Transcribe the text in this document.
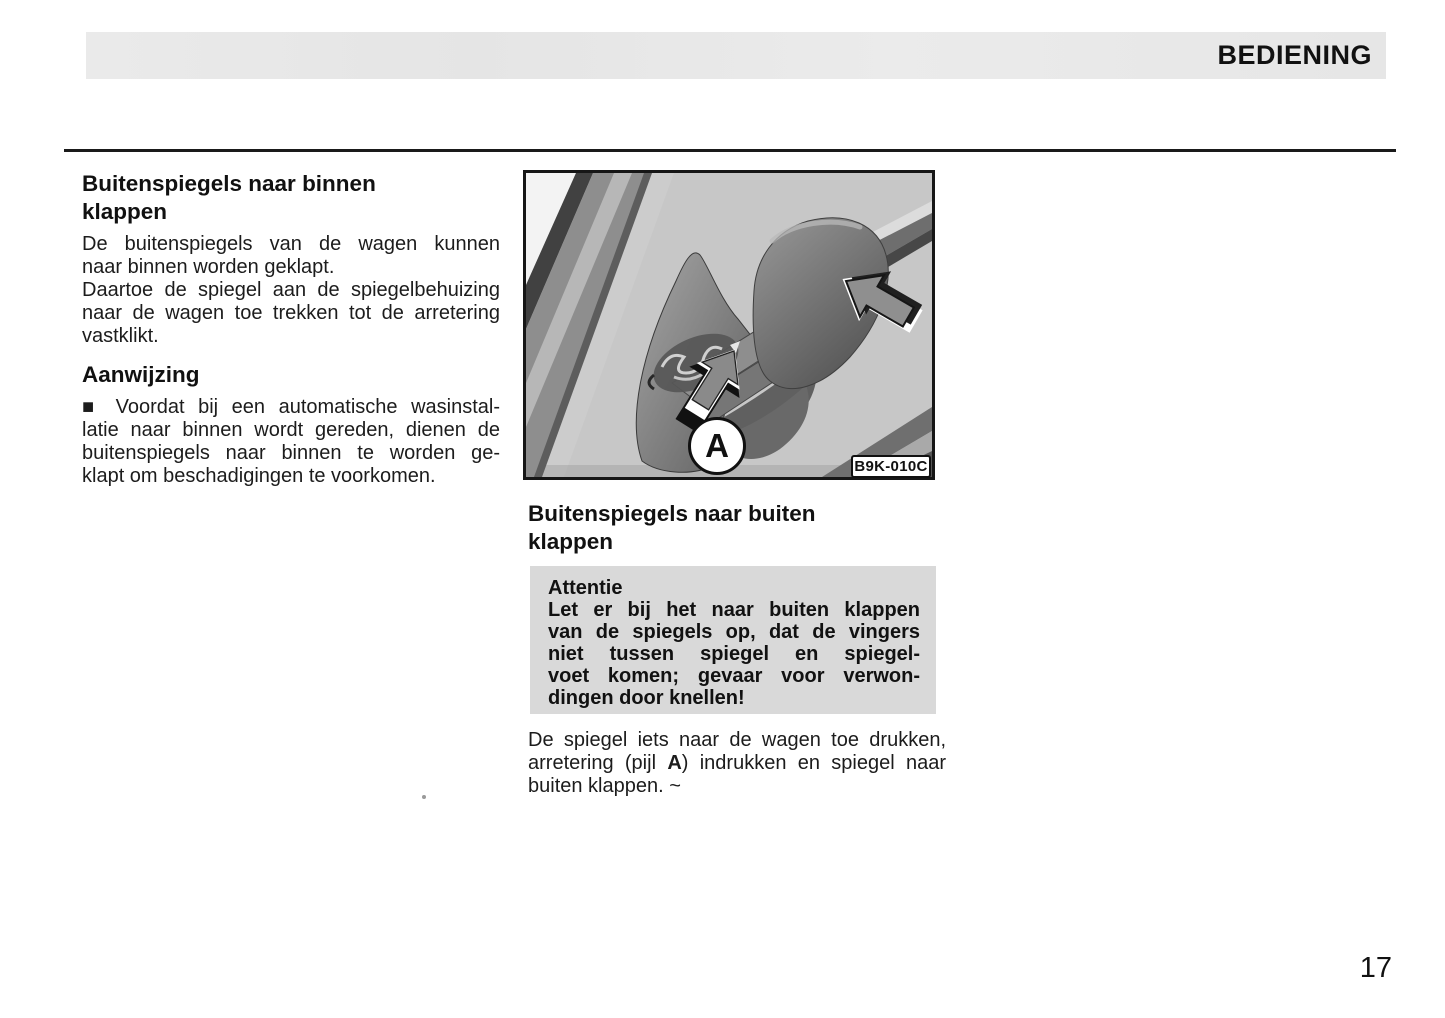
BEDIENING
Buitenspiegels naar binnen
klappen
De buitenspiegels van de wagen kunnen
naar binnen worden geklapt.
Daartoe de spiegel aan de spiegelbehuizing
naar de wagen toe trekken tot de arretering
vastklikt.
Aanwijzing
■ Voordat bij een automatische wasinstal-
latie naar binnen wordt gereden, dienen de
buitenspiegels naar binnen te worden ge-
klapt om beschadigingen te voorkomen.
A
B9K-010C
Buitenspiegels naar buiten
klappen
Attentie
Let er bij het naar buiten klappen
van de spiegels op, dat de vingers
niet tussen spiegel en spiegel-
voet komen; gevaar voor verwon-
dingen door knellen!
De spiegel iets naar de wagen toe drukken,
arretering (pijl A) indrukken en spiegel naar
buiten klappen. ~
17
